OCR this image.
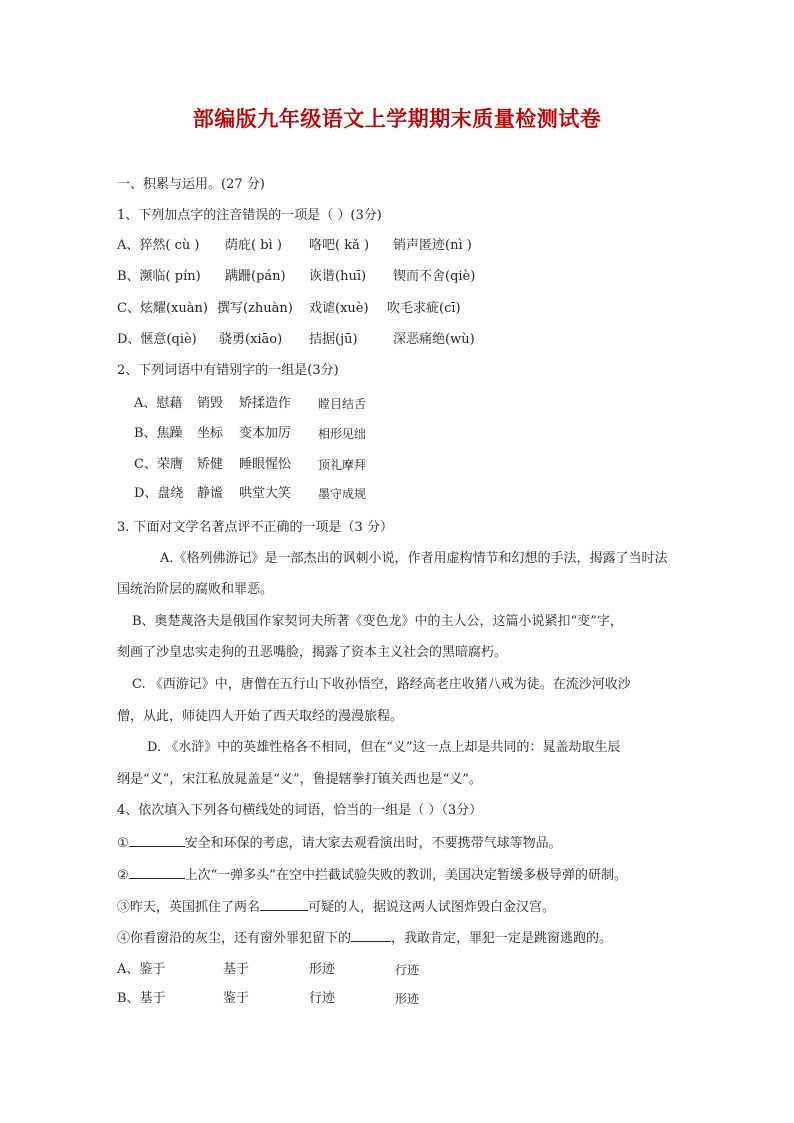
部编版九年级语文上学期期末质量检测试卷
一、积累与运用。(27 分)
1、下列加点字的注音错误的一项是（ ）(3分)
A、猝然( cù ) 荫庇( bì ) 咯吧( kǎ ) 销声匿迹(nì )
B、濒临( pín) 蹒跚(pán) 诙谐(huī) 锲而不舍(qiè)
C、炫耀(xuàn) 撰写(zhuàn) 戏谑(xuè) 吹毛求疵(cī)
D、惬意(qiè) 骁勇(xiāo) 拮据(jū)	深恶痛绝(wù)
2、下列词语中有错别字的一组是(3分)
A、慰藉 销毁 矫揉造作 瞠目结舌
B、焦躁 坐标 变本加厉 相形见绌
C、荣膺 矫健 睡眼惺忪 顶礼摩拜
D、盘绕 静谧 哄堂大笑 墨守成规
3. 下面对文学名著点评不正确的一项是（3 分）
A.《格列佛游记》是一部杰出的讽刺小说，作者用虚构情节和幻想的手法，揭露了当时法
国统治阶层的腐败和罪恶。
B、奥楚蔑洛夫是俄国作家契诃夫所著《变色龙》中的主人公，这篇小说紧扣“变”字，
刻画了沙皇忠实走狗的丑恶嘴脸，揭露了资本主义社会的黑暗腐朽。
C. 《西游记》中，唐僧在五行山下收孙悟空，路经高老庄收猪八戒为徒。在流沙河收沙
僧，从此，师徒四人开始了西天取经的漫漫旅程。
D. 《水浒》中的英雄性格各不相同，但在“义”这一点上却是共同的：晁盖劫取生辰
纲是“义”，宋江私放晁盖是“义”，鲁提辖拳打镇关西也是“义”。
4、依次填入下列各句横线处的词语，恰当的一组是（ ）（3分）
①	安全和环保的考虑，请大家去观看演出时，不要携带气球等物品。
②	上次“一弹多头”在空中拦截试验失败的教训，美国决定暂缓多极导弹的研制。
③昨天，英国抓住了两名	可疑的人，据说这两人试图炸毁白金汉宫。
④你看窗沿的灰尘，还有窗外罪犯留下的	，我敢肯定，罪犯一定是跳窗逃跑的。
A、鉴于	基于	形迹	行迹
B、基于	鉴于	行迹	形迹
